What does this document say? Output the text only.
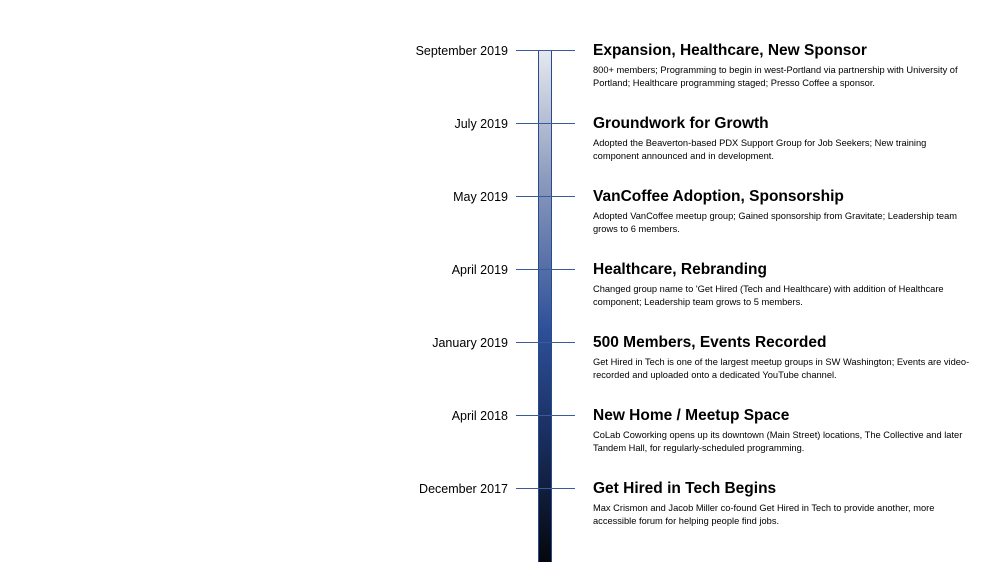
September 2019	Expansion, Healthcare, New Sponsor
800+ members; Programming to begin in west-Portland via partnership with University of Portland; Healthcare programming staged; Presso Coffee a sponsor.
July 2019	Groundwork for Growth
Adopted the Beaverton-based PDX Support Group for Job Seekers; New training component announced and in development.
May 2019	VanCoffee Adoption, Sponsorship
Adopted VanCoffee meetup group; Gained sponsorship from Gravitate; Leadership team grows to 6 members.
April 2019	Healthcare, Rebranding
Changed group name to 'Get Hired (Tech and Healthcare) with addition of Healthcare component; Leadership team grows to 5 members.
January 2019	500 Members, Events Recorded
Get Hired in Tech is one of the largest meetup groups in SW Washington; Events are video-recorded and uploaded onto a dedicated YouTube channel.
April 2018	New Home / Meetup Space
CoLab Coworking opens up its downtown (Main Street) locations, The Collective and later Tandem Hall, for regularly-scheduled programming.
December 2017	Get Hired in Tech Begins
Max Crismon and Jacob Miller co-found Get Hired in Tech to provide another, more accessible forum for helping people find jobs.
